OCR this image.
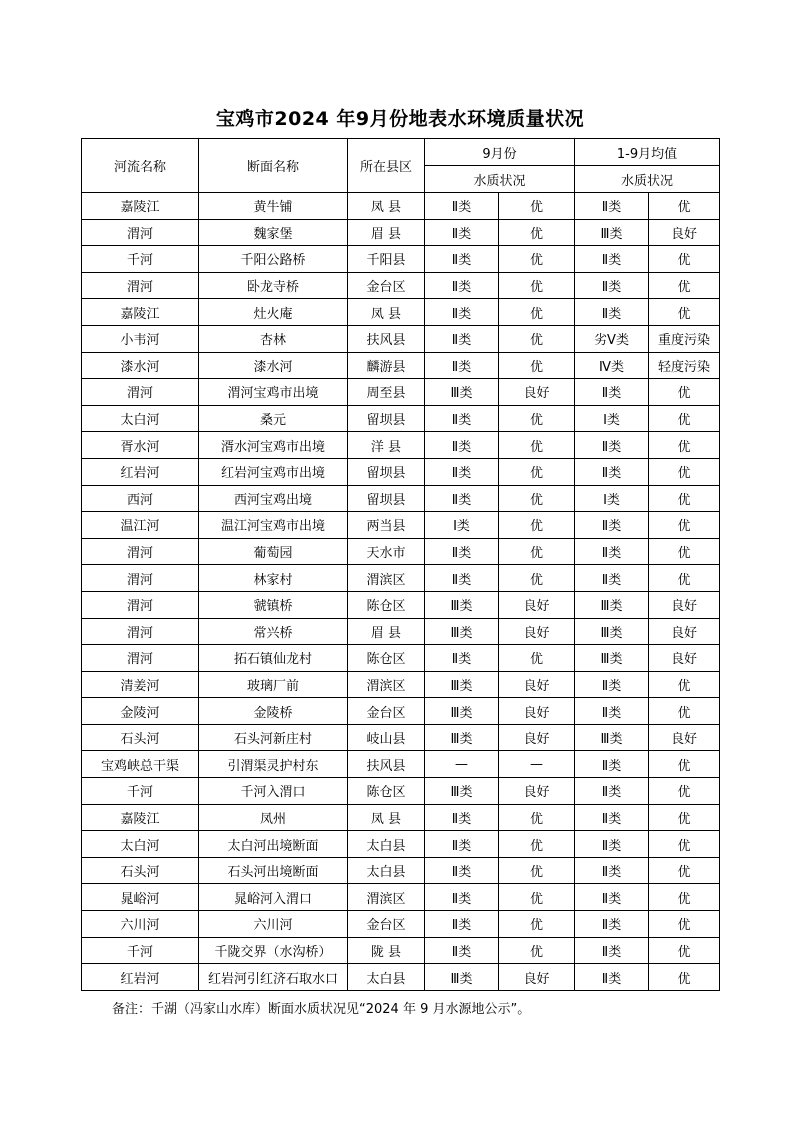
宝鸡市2024 年9月份地表水环境质量状况
河流名称	断面名称	所在县区	9月份		1-9月均值	
			水质状况		水质状况	
嘉陵江	黄牛铺	凤 县	Ⅱ类	优	Ⅱ类	优
渭河	魏家堡	眉 县	Ⅱ类	优	Ⅲ类	良好
千河	千阳公路桥	千阳县	Ⅱ类	优	Ⅱ类	优
渭河	卧龙寺桥	金台区	Ⅱ类	优	Ⅱ类	优
嘉陵江	灶火庵	凤 县	Ⅱ类	优	Ⅱ类	优
小韦河	杏林	扶风县	Ⅱ类	优	劣Ⅴ类	重度污染
漆水河	漆水河	麟游县	Ⅱ类	优	Ⅳ类	轻度污染
渭河	渭河宝鸡市出境	周至县	Ⅲ类	良好	Ⅱ类	优
太白河	桑元	留坝县	Ⅱ类	优	Ⅰ类	优
胥水河	湑水河宝鸡市出境	洋 县	Ⅱ类	优	Ⅱ类	优
红岩河	红岩河宝鸡市出境	留坝县	Ⅱ类	优	Ⅱ类	优
西河	西河宝鸡出境	留坝县	Ⅱ类	优	Ⅰ类	优
温江河	温江河宝鸡市出境	两当县	Ⅰ类	优	Ⅱ类	优
渭河	葡萄园	天水市	Ⅱ类	优	Ⅱ类	优
渭河	林家村	渭滨区	Ⅱ类	优	Ⅱ类	优
渭河	虢镇桥	陈仓区	Ⅲ类	良好	Ⅲ类	良好
渭河	常兴桥	眉 县	Ⅲ类	良好	Ⅲ类	良好
渭河	拓石镇仙龙村	陈仓区	Ⅱ类	优	Ⅲ类	良好
清姜河	玻璃厂前	渭滨区	Ⅲ类	良好	Ⅱ类	优
金陵河	金陵桥	金台区	Ⅲ类	良好	Ⅱ类	优
石头河	石头河新庄村	岐山县	Ⅲ类	良好	Ⅲ类	良好
宝鸡峡总干渠	引渭渠灵护村东	扶风县	—	—	Ⅱ类	优
千河	千河入渭口	陈仓区	Ⅲ类	良好	Ⅱ类	优
嘉陵江	凤州	凤 县	Ⅱ类	优	Ⅱ类	优
太白河	太白河出境断面	太白县	Ⅱ类	优	Ⅱ类	优
石头河	石头河出境断面	太白县	Ⅱ类	优	Ⅱ类	优
晁峪河	晁峪河入渭口	渭滨区	Ⅱ类	优	Ⅱ类	优
六川河	六川河	金台区	Ⅱ类	优	Ⅱ类	优
千河	千陇交界（水沟桥）	陇 县	Ⅱ类	优	Ⅱ类	优
红岩河	红岩河引红济石取水口	太白县	Ⅲ类	良好	Ⅱ类	优
备注：千湖（冯家山水库）断面水质状况见“2024 年 9 月水源地公示”。
